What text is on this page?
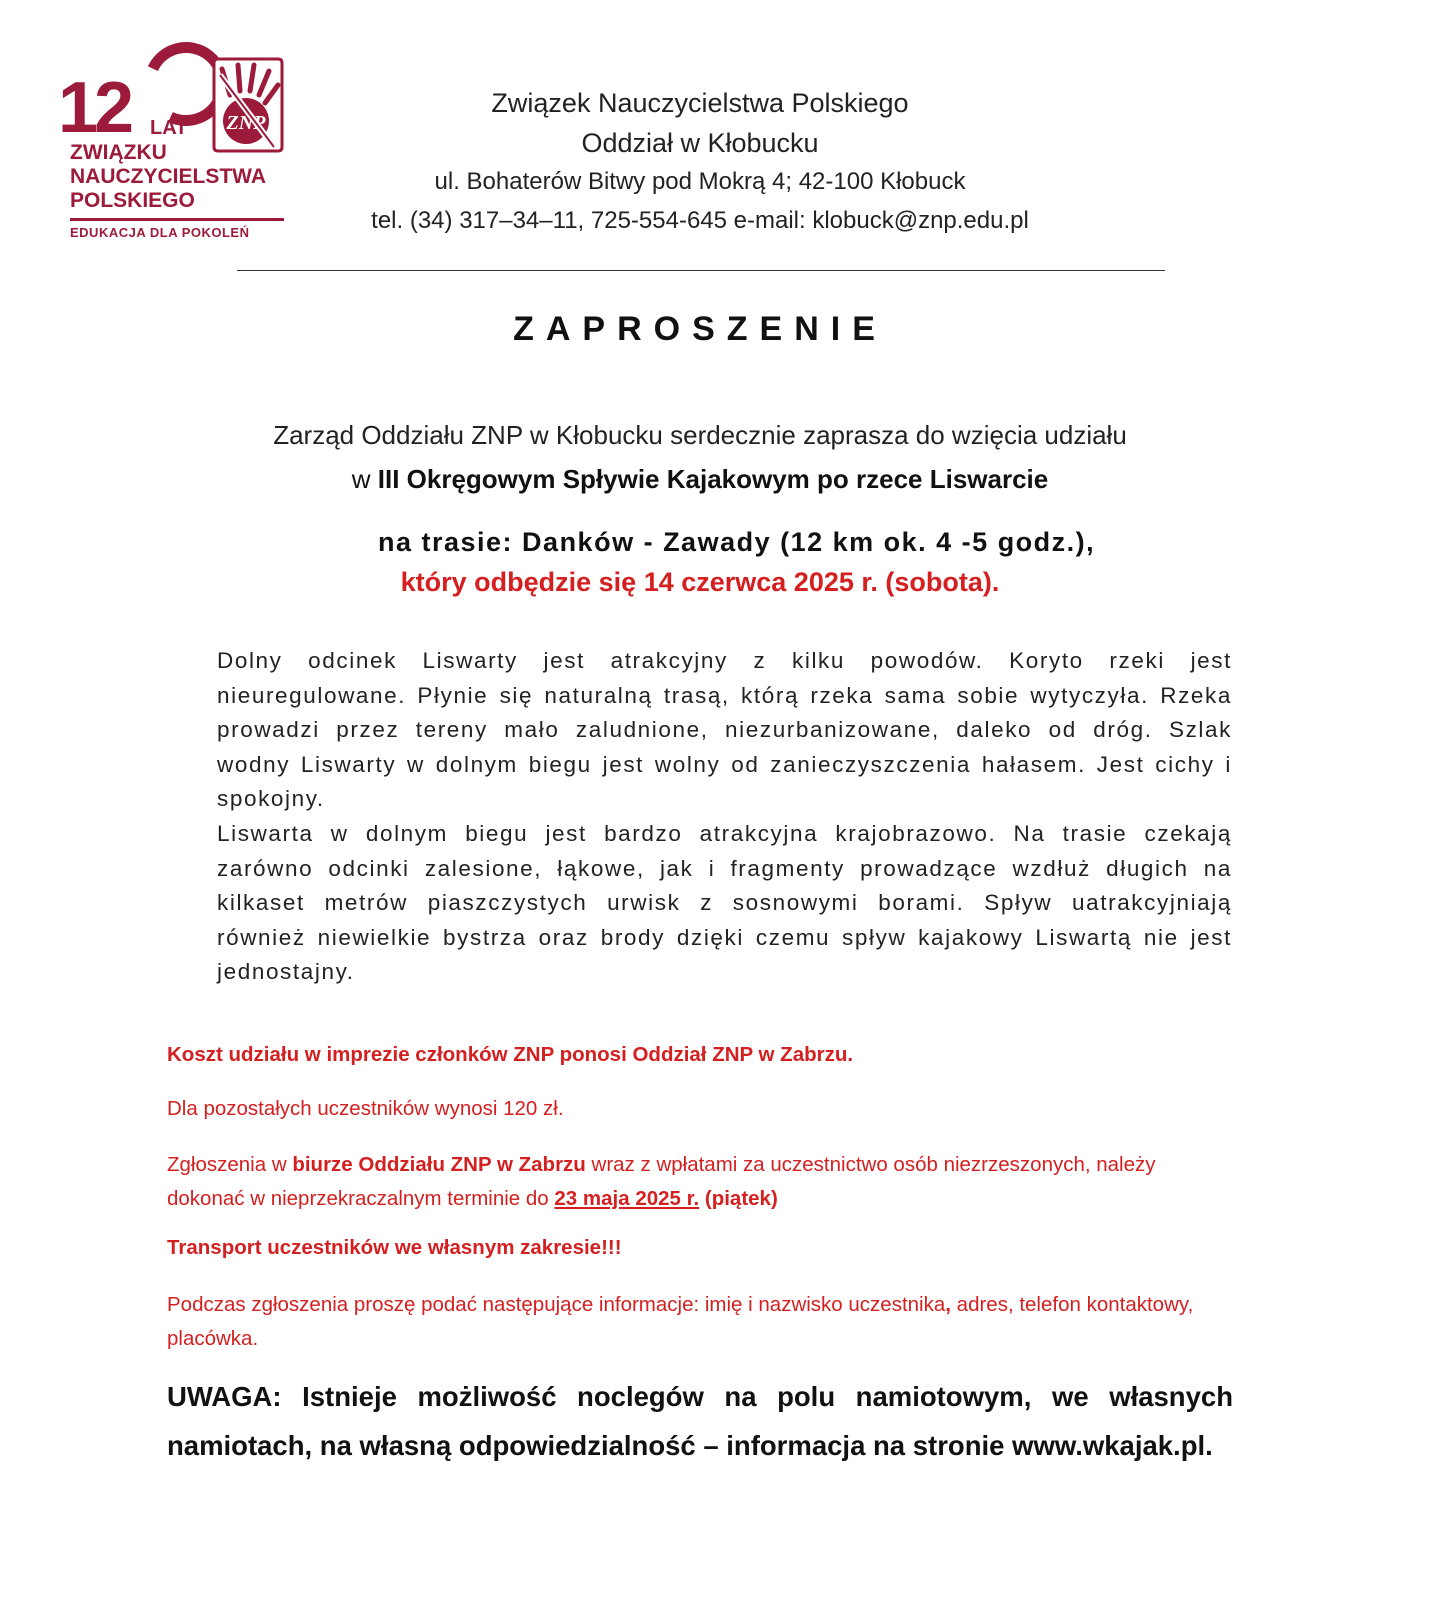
12 LAT
ZWIĄZKU
NAUCZYCIELSTWA
POLSKIEGO
EDUKACJA DLA POKOLEŃ
ZNP
Związek Nauczycielstwa Polskiego
Oddział w Kłobucku
ul. Bohaterów Bitwy pod Mokrą 4; 42-100 Kłobuck
tel. (34) 317–34–11, 725-554-645 e-mail: klobuck@znp.edu.pl
ZAPROSZENIE
Zarząd Oddziału ZNP w Kłobucku serdecznie zaprasza do wzięcia udziału
w III Okręgowym Spływie Kajakowym po rzece Liswarcie
na trasie: Danków - Zawady (12 km ok. 4 -5 godz.),
który odbędzie się 14 czerwca 2025 r. (sobota).

Dolny odcinek Liswarty jest atrakcyjny z kilku powodów. Koryto rzeki jest nieuregulowane. Płynie się naturalną trasą, którą rzeka sama sobie wytyczyła. Rzeka prowadzi przez tereny mało zaludnione, niezurbanizowane, daleko od dróg. Szlak wodny Liswarty w dolnym biegu jest wolny od zanieczyszczenia hałasem. Jest cichy i spokojny.

Liswarta w dolnym biegu jest bardzo atrakcyjna krajobrazowo. Na trasie czekają zarówno odcinki zalesione, łąkowe, jak i fragmenty prowadzące wzdłuż długich na kilkaset metrów piaszczystych urwisk z sosnowymi borami. Spływ uatrakcyjniają również niewielkie bystrza oraz brody dzięki czemu spływ kajakowy Liswartą nie jest jednostajny.

Koszt udziału w imprezie członków ZNP ponosi Oddział ZNP w Zabrzu.
Dla pozostałych uczestników wynosi 120 zł.
Zgłoszenia w biurze Oddziału ZNP w Zabrzu wraz z wpłatami za uczestnictwo osób niezrzeszonych, należy dokonać w nieprzekraczalnym terminie do 23 maja 2025 r. (piątek)
Transport uczestników we własnym zakresie!!!
Podczas zgłoszenia proszę podać następujące informacje: imię i nazwisko uczestnika, adres, telefon kontaktowy, placówka.
UWAGA: Istnieje możliwość noclegów na polu namiotowym, we własnych namiotach, na własną odpowiedzialność – informacja na stronie www.wkajak.pl.
